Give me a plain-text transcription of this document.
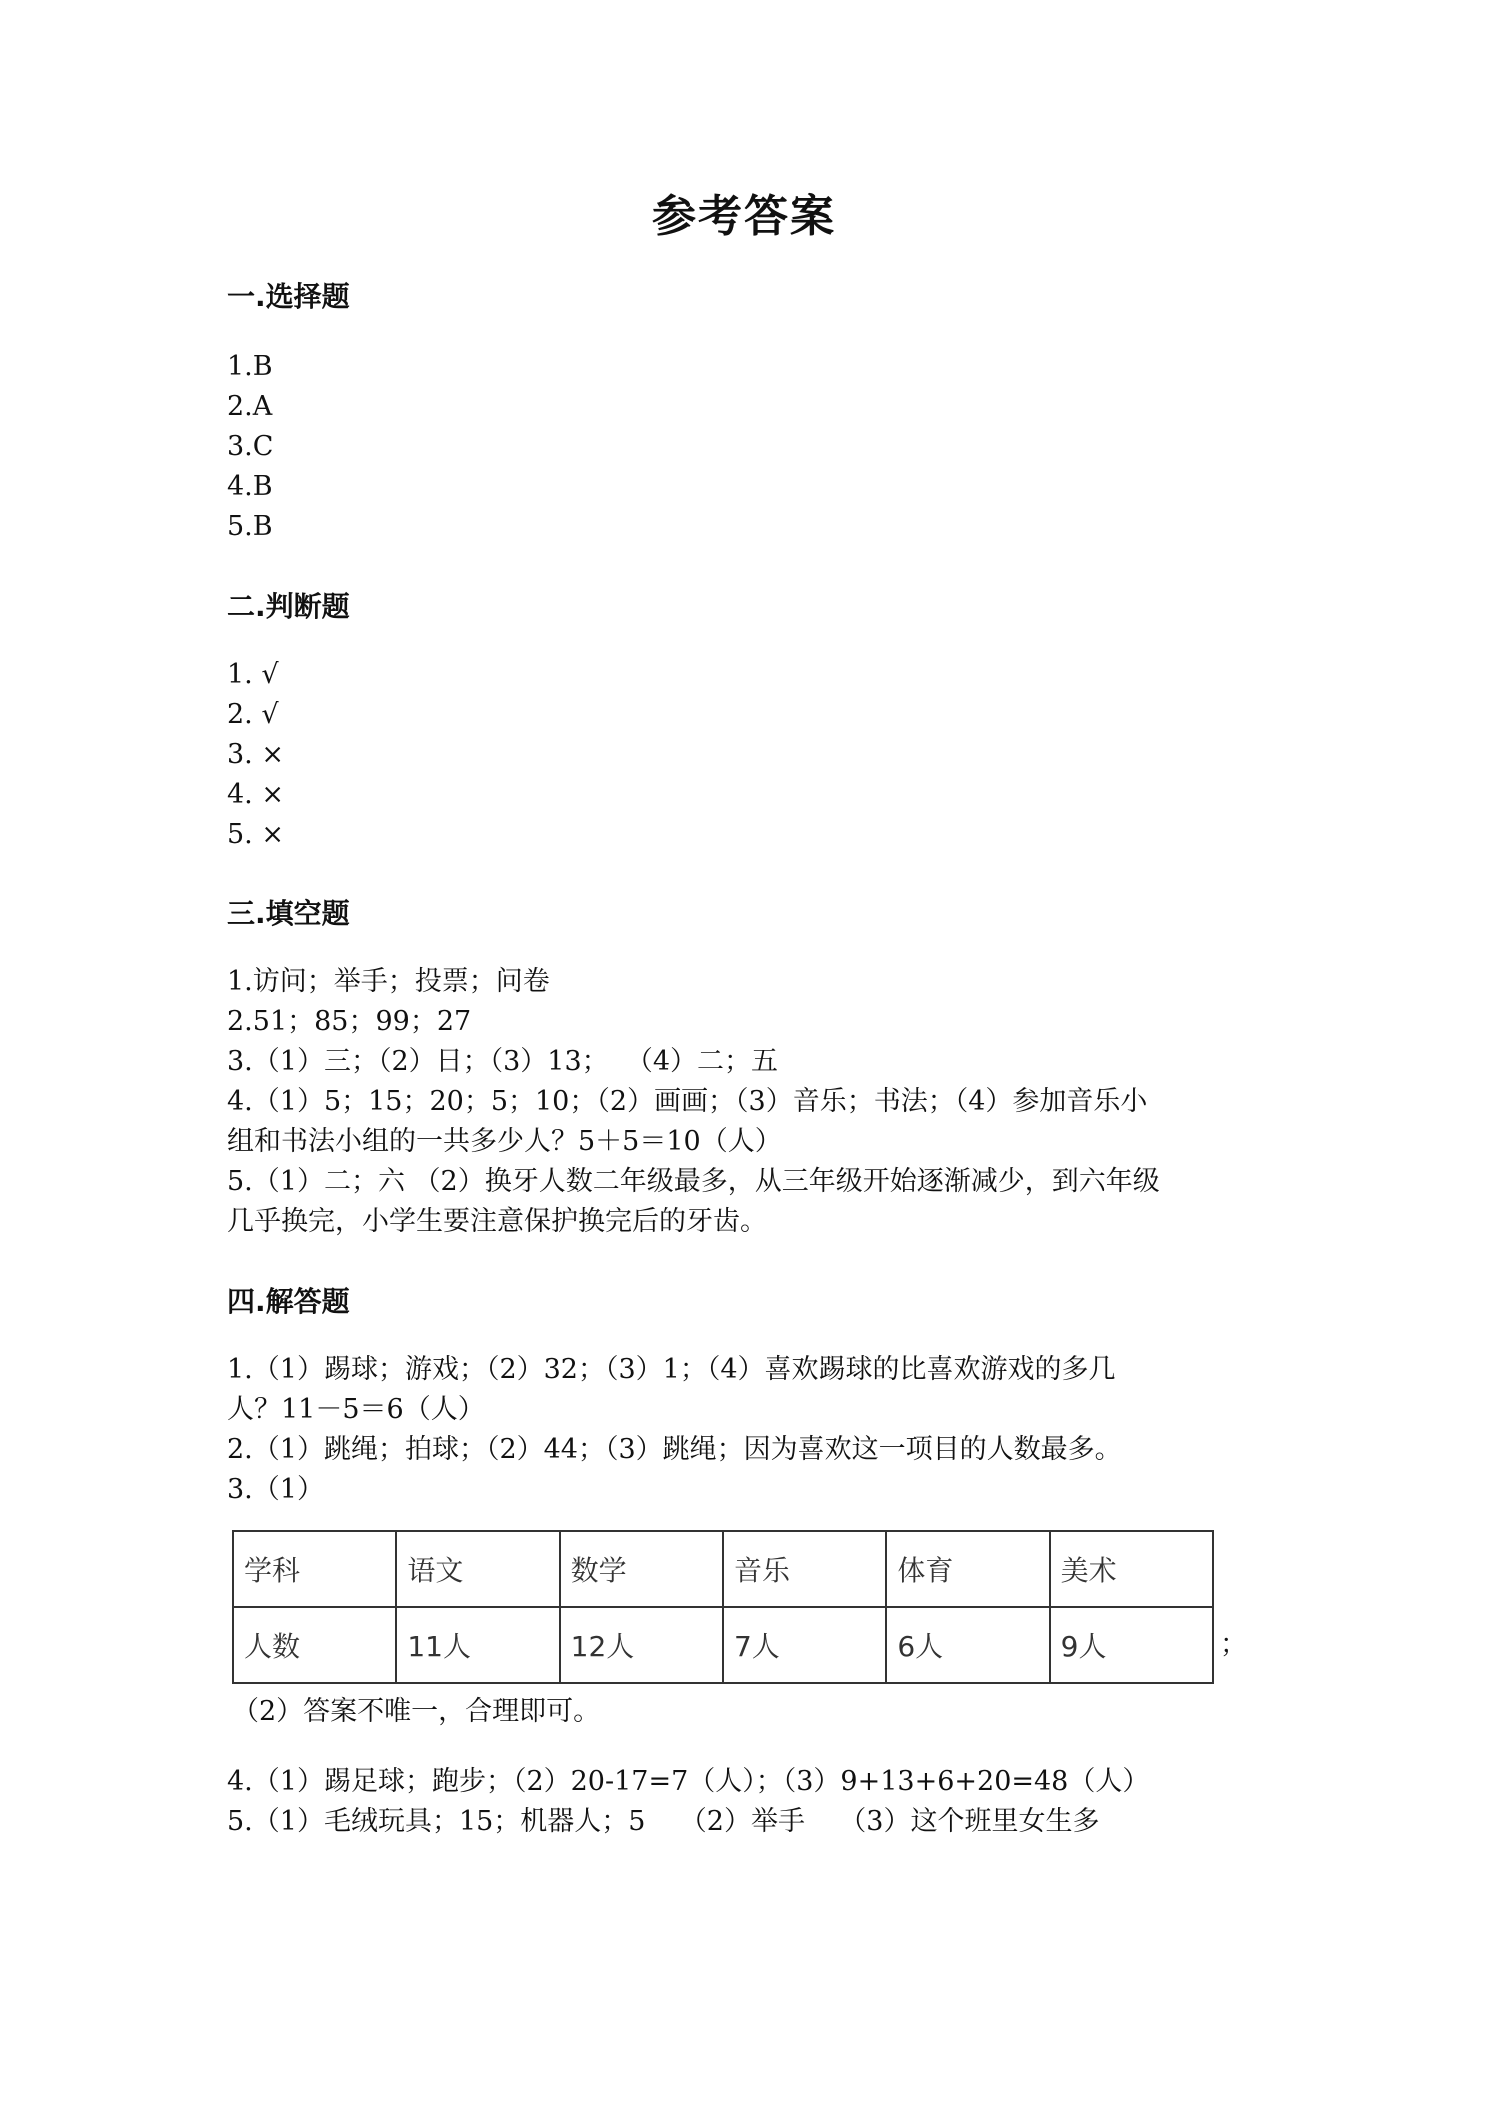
参考答案
一.选择题
1.B
2.A
3.C
4.B
5.B
二.判断题
1. √
2. √
3. ×
4. ×
5. ×
三.填空题
1.访问；举手；投票；问卷
2.51；85；99；27
3.（1）三；（2）日；（3）13；  （4）二；五
4.（1）5；15；20；5；10；（2）画画；（3）音乐；书法；（4）参加音乐小
组和书法小组的一共多少人？5＋5＝10（人）
5.（1）二；六 （2）换牙人数二年级最多，从三年级开始逐渐减少，到六年级
几乎换完，小学生要注意保护换完后的牙齿。
四.解答题
1.（1）踢球；游戏；（2）32；（3）1；（4）喜欢踢球的比喜欢游戏的多几
人？11－5＝6（人）
2.（1）跳绳；拍球；（2）44；（3）跳绳；因为喜欢这一项目的人数最多。
3.（1）
学科	语文	数学	音乐	体育	美术
人数	11人	12人	7人	6人	9人	；
（2）答案不唯一，合理即可。
4.（1）踢足球；跑步；（2）20-17=7（人）；（3）9+13+6+20=48（人）
5.（1）毛绒玩具；15；机器人；5    （2）举手    （3）这个班里女生多
